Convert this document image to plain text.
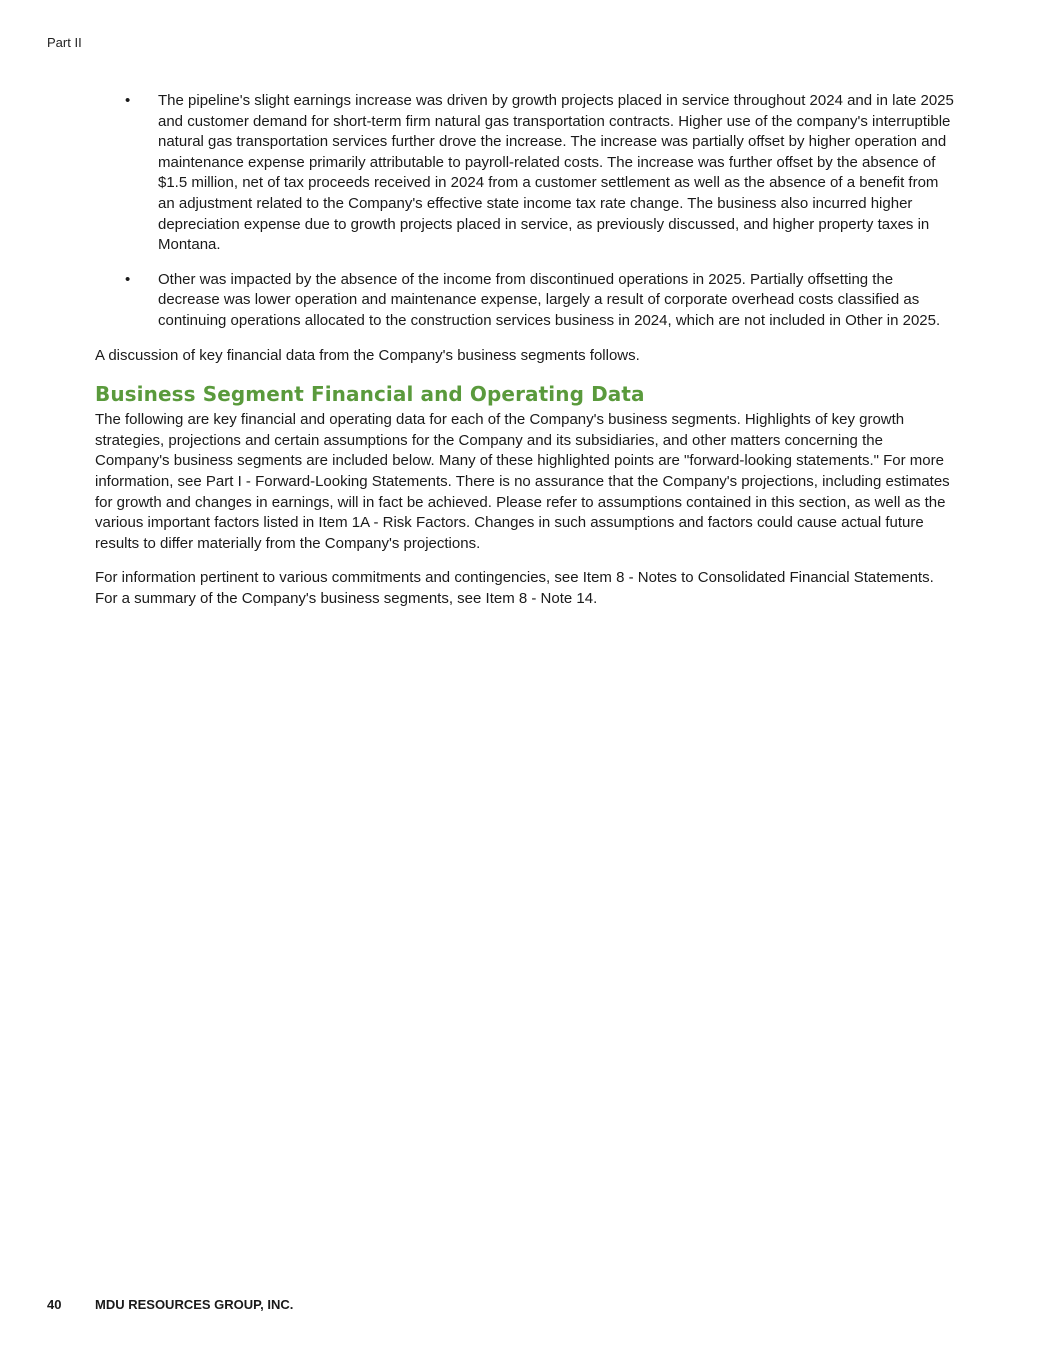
Part II
• The pipeline's slight earnings increase was driven by growth projects placed in service throughout 2024 and in late 2025 and customer demand for short-term firm natural gas transportation contracts. Higher use of the company's interruptible natural gas transportation services further drove the increase. The increase was partially offset by higher operation and maintenance expense primarily attributable to payroll-related costs. The increase was further offset by the absence of $1.5 million, net of tax proceeds received in 2024 from a customer settlement as well as the absence of a benefit from an adjustment related to the Company's effective state income tax rate change. The business also incurred higher depreciation expense due to growth projects placed in service, as previously discussed, and higher property taxes in Montana.
• Other was impacted by the absence of the income from discontinued operations in 2025. Partially offsetting the decrease was lower operation and maintenance expense, largely a result of corporate overhead costs classified as continuing operations allocated to the construction services business in 2024, which are not included in Other in 2025.

A discussion of key financial data from the Company's business segments follows.

Business Segment Financial and Operating Data

The following are key financial and operating data for each of the Company's business segments. Highlights of key growth strategies, projections and certain assumptions for the Company and its subsidiaries, and other matters concerning the Company's business segments are included below. Many of these highlighted points are "forward-looking statements." For more information, see Part I - Forward-Looking Statements. There is no assurance that the Company's projections, including estimates for growth and changes in earnings, will in fact be achieved. Please refer to assumptions contained in this section, as well as the various important factors listed in Item 1A - Risk Factors. Changes in such assumptions and factors could cause actual future results to differ materially from the Company's projections.

For information pertinent to various commitments and contingencies, see Item 8 - Notes to Consolidated Financial Statements. For a summary of the Company's business segments, see Item 8 - Note 14.

40	MDU RESOURCES GROUP, INC.
